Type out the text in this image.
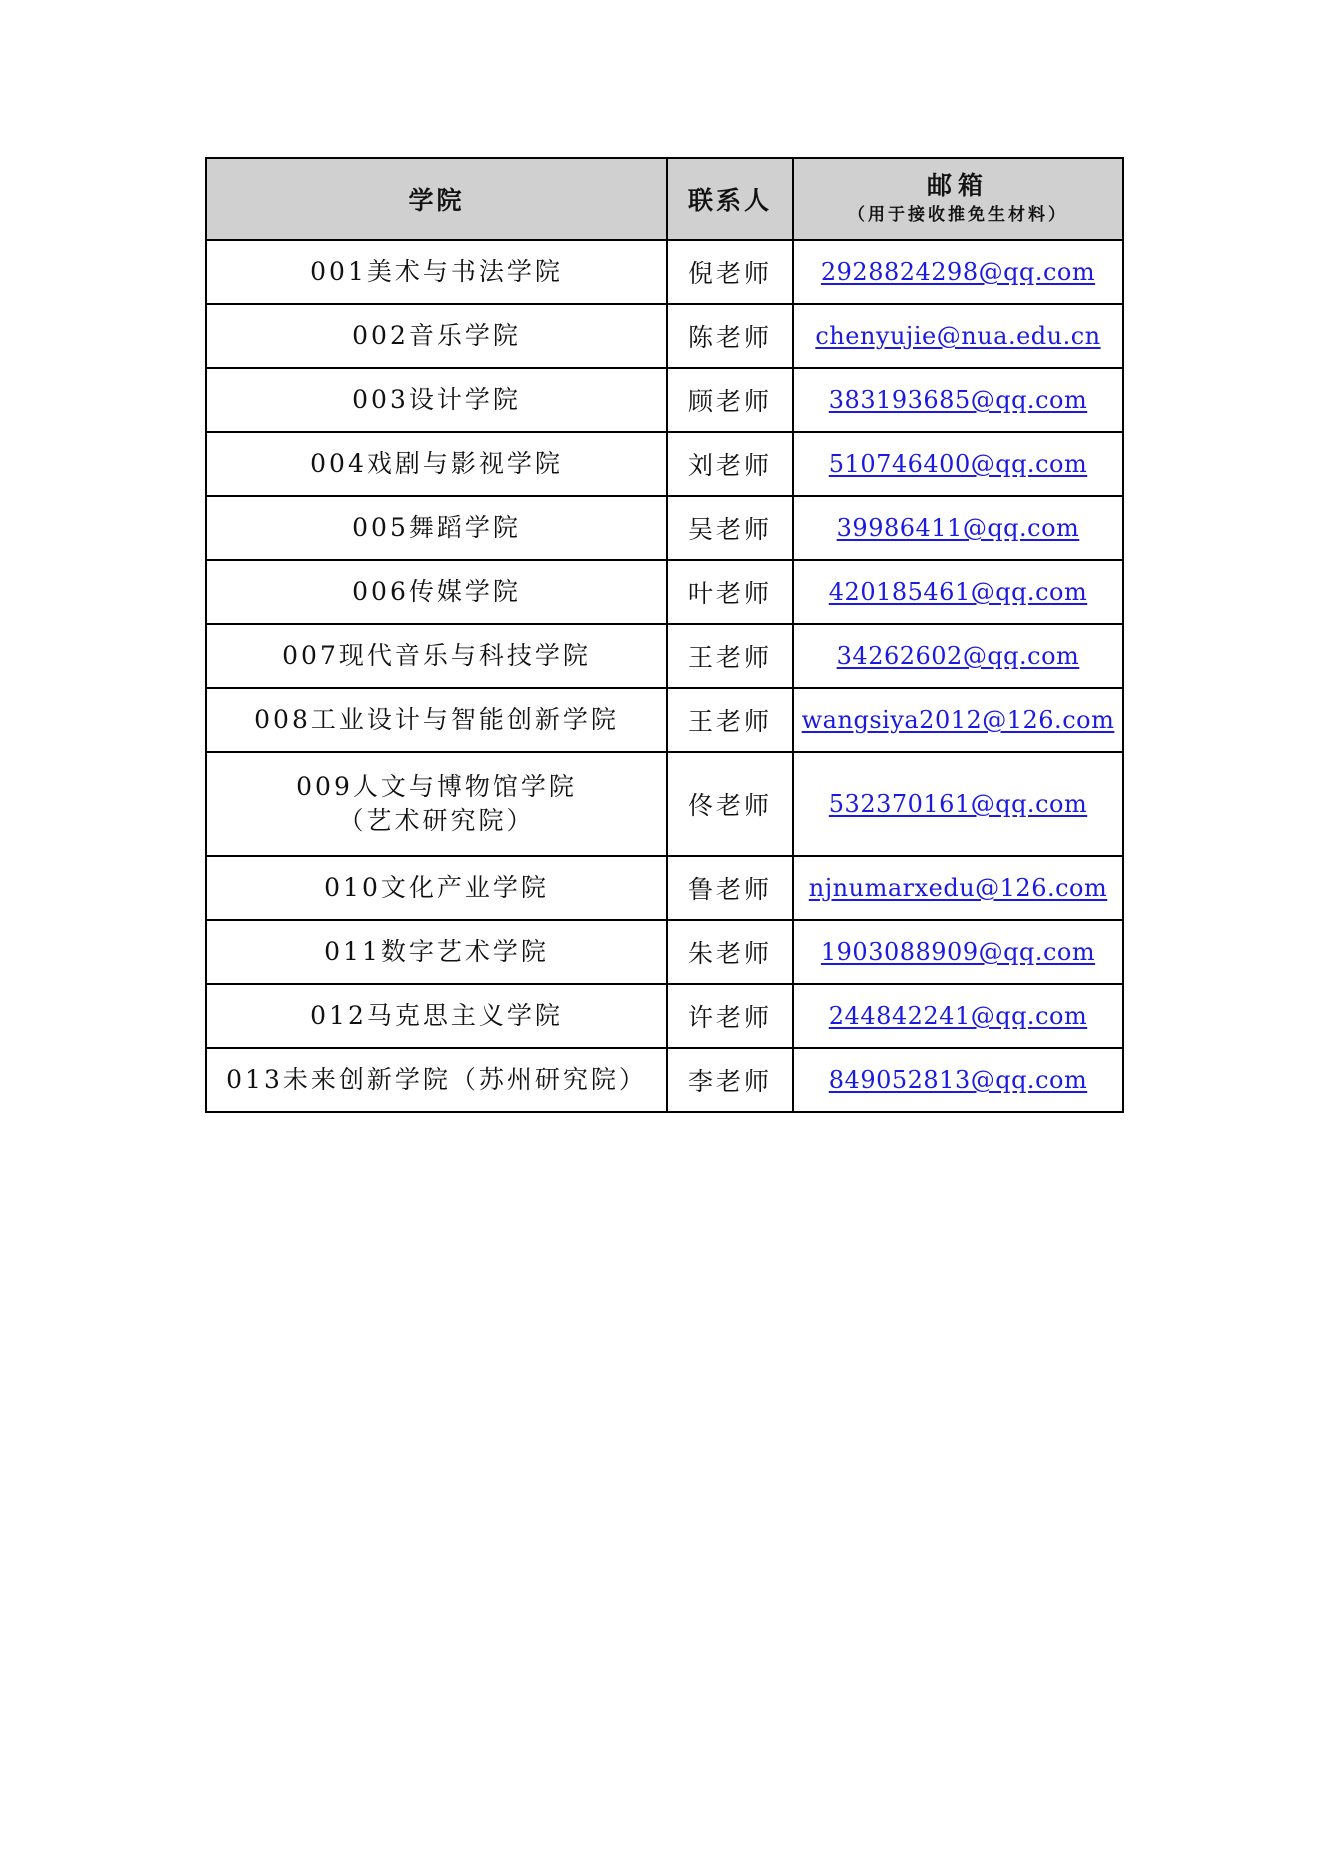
学院	联系人	邮箱
（用于接收推免生材料）

001美术与书法学院	倪老师	2928824298@qq.com

002音乐学院	陈老师	chenyujie@nua.edu.cn

003设计学院	顾老师	383193685@qq.com

004戏剧与影视学院	刘老师	510746400@qq.com

005舞蹈学院	吴老师	39986411@qq.com

006传媒学院	叶老师	420185461@qq.com

007现代音乐与科技学院	王老师	34262602@qq.com

008工业设计与智能创新学院	王老师	wangsiya2012@126.com

009人文与博物馆学院
（艺术研究院）	佟老师	532370161@qq.com

010文化产业学院	鲁老师	njnumarxedu@126.com

011数字艺术学院	朱老师	1903088909@qq.com

012马克思主义学院	许老师	244842241@qq.com

013未来创新学院（苏州研究院）	李老师	849052813@qq.com
